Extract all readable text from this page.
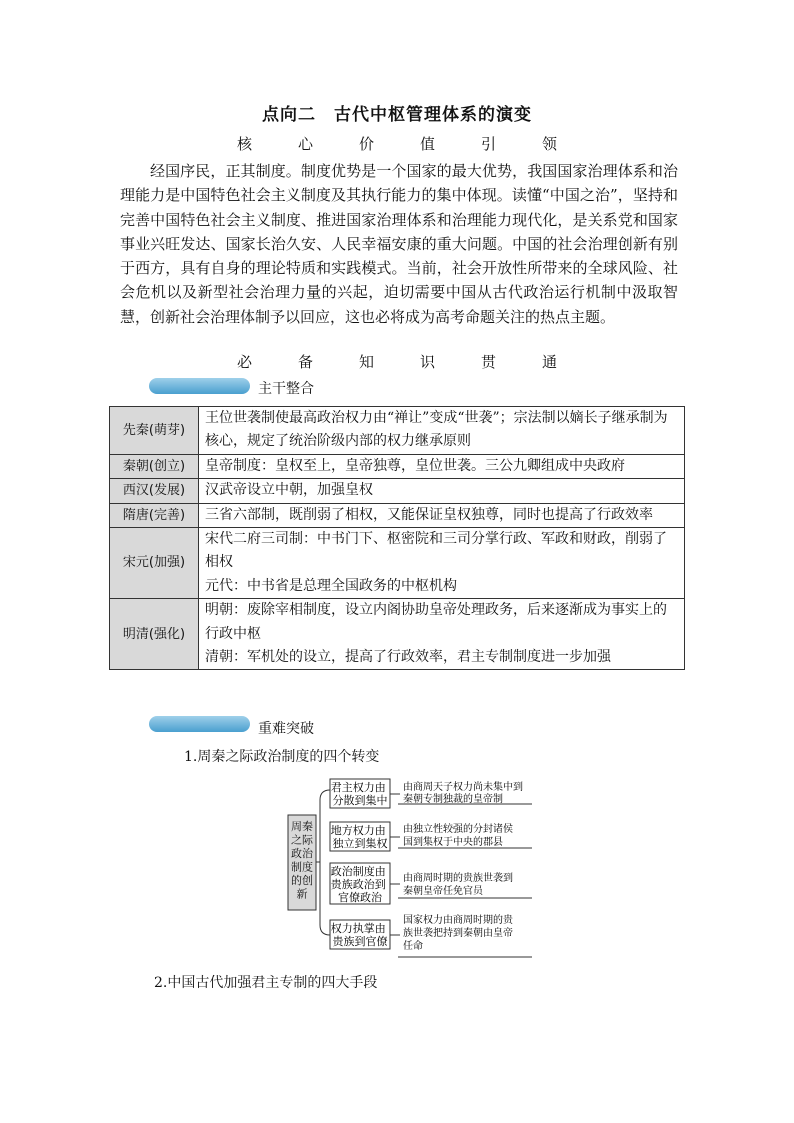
点向二　古代中枢管理体系的演变
核	心	价	值	引	领

经国序民，正其制度。制度优势是一个国家的最大优势，我国国家治理体系和治理能力是中国特色社会主义制度及其执行能力的集中体现。读懂“中国之治”，坚持和完善中国特色社会主义制度、推进国家治理体系和治理能力现代化，是关系党和国家事业兴旺发达、国家长治久安、人民幸福安康的重大问题。中国的社会治理创新有别于西方，具有自身的理论特质和实践模式。当前，社会开放性所带来的全球风险、社会危机以及新型社会治理力量的兴起，迫切需要中国从古代政治运行机制中汲取智慧，创新社会治理体制予以回应，这也必将成为高考命题关注的热点主题。

必	备	知	识	贯	通
主干整合
先秦(萌芽)	王位世袭制使最高政治权力由“禅让”变成“世袭”；宗法制以嫡长子继承制为核心，规定了统治阶级内部的权力继承原则

秦朝(创立)	皇帝制度：皇权至上，皇帝独尊，皇位世袭。三公九卿组成中央政府

西汉(发展)	汉武帝设立中朝，加强皇权

隋唐(完善)	三省六部制，既削弱了相权，又能保证皇权独尊，同时也提高了行政效率

宋元(加强)	宋代二府三司制：中书门下、枢密院和三司分掌行政、军政和财政，削弱了相权
元代：中书省是总理全国政务的中枢机构

明清(强化)	明朝：废除宰相制度，设立内阁协助皇帝处理政务，后来逐渐成为事实上的行政中枢
清朝：军机处的设立，提高了行政效率，君主专制制度进一步加强
重难突破
1.周秦之际政治制度的四个转变
周秦之际政治制度的创新
君主权力由 分散到集中
由商周天子权力尚未集中到 秦朝专制独裁的皇帝制
地方权力由 独立到集权
由独立性较强的分封诸侯 国到集权于中央的郡县
政治制度由 贵族政治到 官僚政治
由商周时期的贵族世袭到 秦朝皇帝任免官员
权力执掌由 贵族到官僚
国家权力由商周时期的贵 族世袭把持到秦朝由皇帝 任命
2.中国古代加强君主专制的四大手段
